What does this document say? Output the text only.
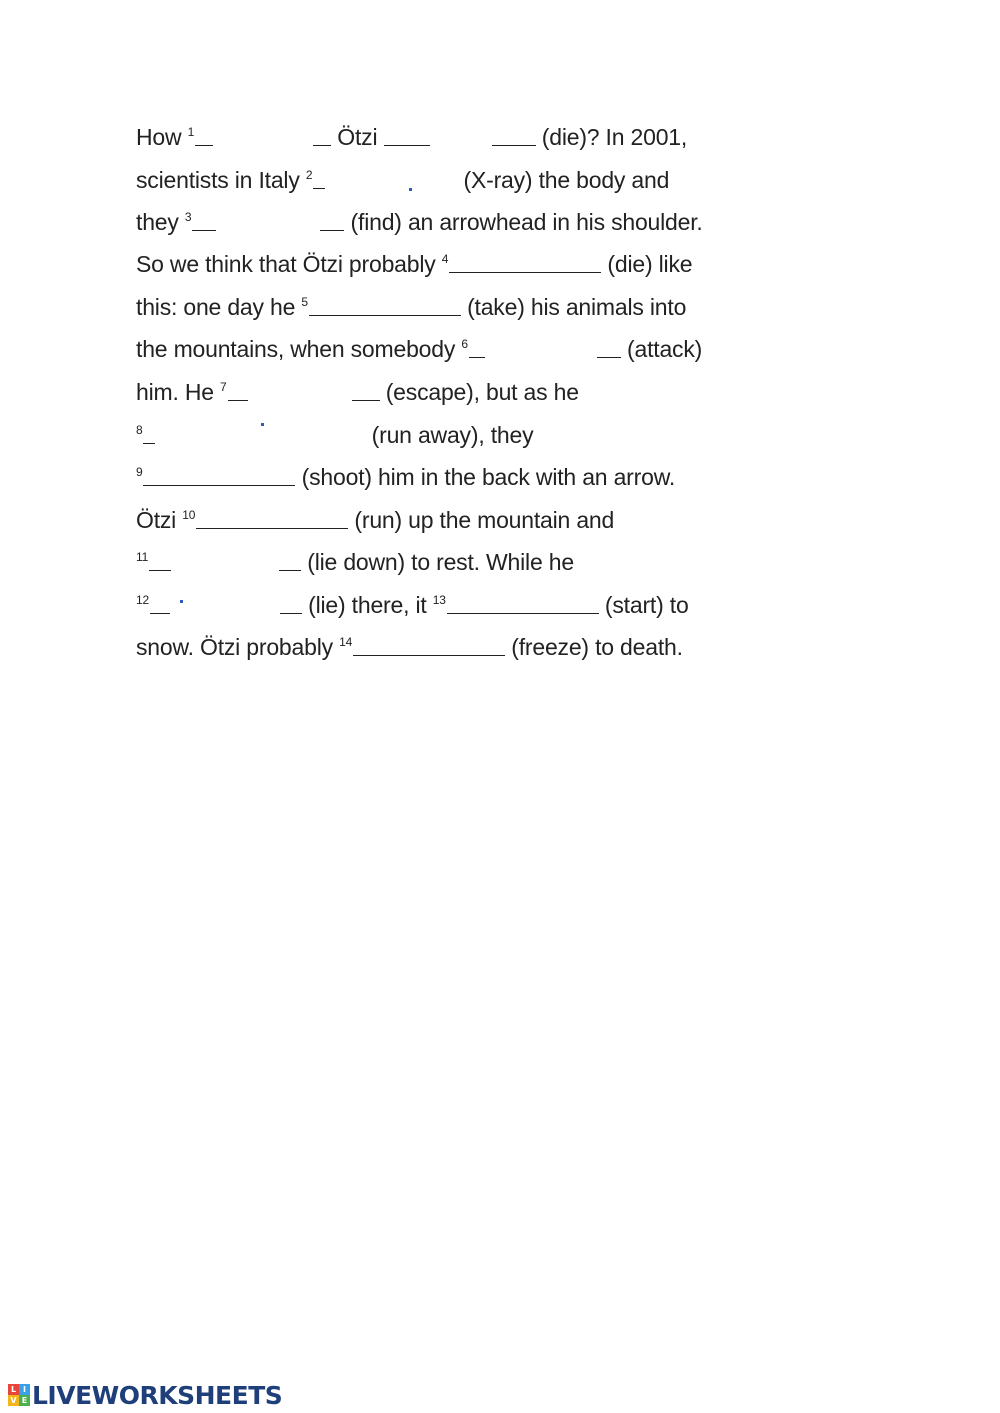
How $^1$	Ötzi	(die)? In 2001,
scientists in Italy $^2$	(X-ray) the body and
they $^3$	(find) an arrowhead in his shoulder.
So we think that Ötzi probably $^4$	(die) like
this: one day he $^5$	(take) his animals into
the mountains, when somebody $^6$	(attack)
him. He $^7$	(escape), but as he
$^8$	(run away), they
$^9$	(shoot) him in the back with an arrow.
Ötzi $^{10}$	(run) up the mountain and
$^{11}$	(lie down) to rest. While he
$^{12}$	(lie) there, it $^{13}$	(start) to
snow. Ötzi probably $^{14}$	(freeze) to death.
L I
V E LIVEWORKSHEETS
